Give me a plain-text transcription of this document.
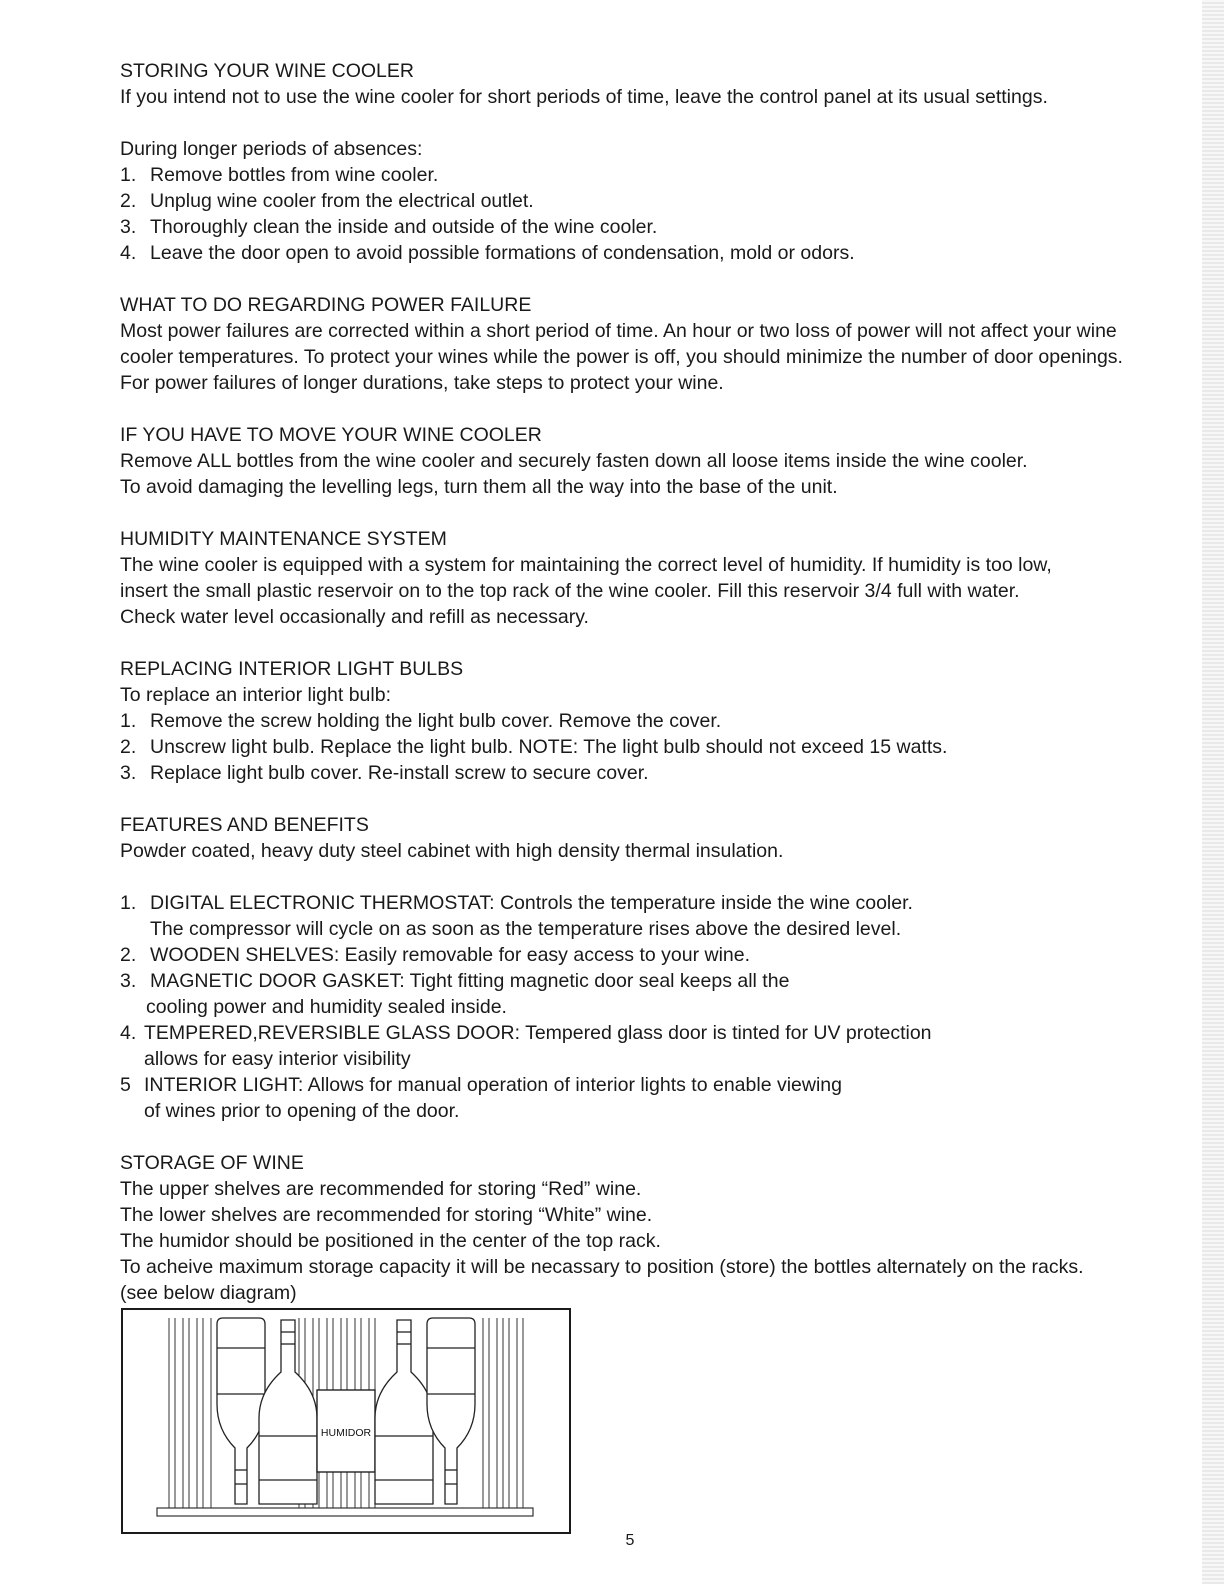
STORING YOUR WINE COOLER

If you intend not to use the wine cooler for short periods of time, leave the control panel at its usual settings.

During longer periods of absences:

1. Remove bottles from wine cooler.
2. Unplug wine cooler from the electrical outlet.
3. Thoroughly clean the inside and outside of the wine cooler.
4. Leave the door open to avoid possible formations of condensation, mold or odors.

WHAT TO DO REGARDING POWER FAILURE

Most power failures are corrected within a short period of time. An hour or two loss of power will not affect your wine

cooler temperatures. To protect your wines while the power is off, you should minimize the number of door openings.

For power failures of longer durations, take steps to protect your wine.

IF YOU HAVE TO MOVE YOUR WINE COOLER

Remove ALL bottles from the wine cooler and securely fasten down all loose items inside the wine cooler.

To avoid damaging the levelling legs, turn them all the way into the base of the unit.

HUMIDITY MAINTENANCE SYSTEM

The wine cooler is equipped with a system for maintaining the correct level of humidity. If humidity is too low,

insert the small plastic reservoir on to the top rack of the wine cooler. Fill this reservoir 3/4 full with water.

Check water level occasionally and refill as necessary.

REPLACING INTERIOR LIGHT BULBS

To replace an interior light bulb:

1. Remove the screw holding the light bulb cover. Remove the cover.
2. Unscrew light bulb. Replace the light bulb. NOTE: The light bulb should not exceed 15 watts.
3. Replace light bulb cover. Re-install screw to secure cover.

FEATURES AND BENEFITS

Powder coated, heavy duty steel cabinet with high density thermal insulation.

1. DIGITAL ELECTRONIC THERMOSTAT: Controls the temperature inside the wine cooler.

The compressor will cycle on as soon as the temperature rises above the desired level.

2. WOODEN SHELVES: Easily removable for easy access to your wine.
3. MAGNETIC DOOR GASKET: Tight fitting magnetic door seal keeps all the

cooling power and humidity sealed inside.

4. TEMPERED,REVERSIBLE GLASS DOOR: Tempered glass door is tinted for UV protection

allows for easy interior visibility

5 INTERIOR LIGHT: Allows for manual operation of interior lights to enable viewing

of wines prior to opening of the door.

STORAGE OF WINE

The upper shelves are recommended for storing “Red” wine.

The lower shelves are recommended for storing “White” wine.

The humidor should be positioned in the center of the top rack.

To acheive maximum storage capacity it will be necassary to position (store) the bottles alternately on the racks.

(see below diagram)

HUMIDOR
5
